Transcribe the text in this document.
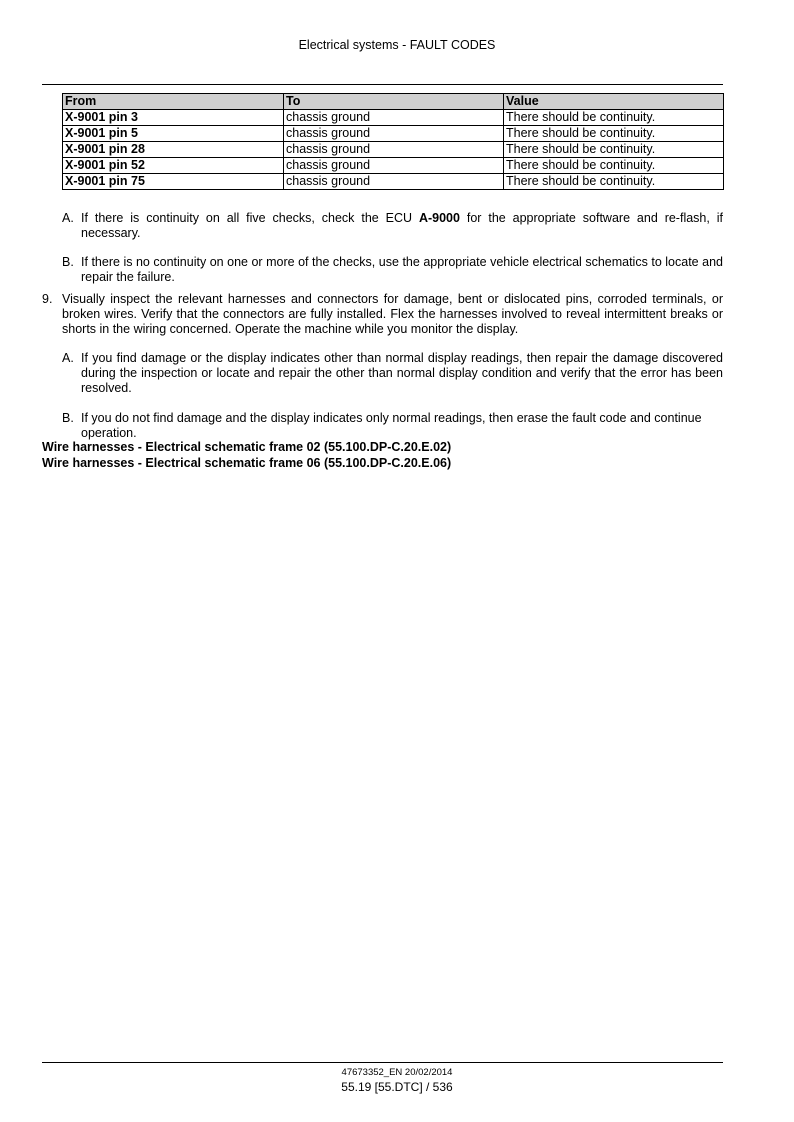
Electrical systems - FAULT CODES
From	To	Value
X-9001 pin 3	chassis ground	There should be continuity.
X-9001 pin 5	chassis ground	There should be continuity.
X-9001 pin 28	chassis ground	There should be continuity.
X-9001 pin 52	chassis ground	There should be continuity.
X-9001 pin 75	chassis ground	There should be continuity.
A. If there is continuity on all five checks, check the ECU A-9000 for the appropriate software and re-flash, if necessary.
B. If there is no continuity on one or more of the checks, use the appropriate vehicle electrical schematics to locate and repair the failure.
9. Visually inspect the relevant harnesses and connectors for damage, bent or dislocated pins, corroded terminals, or broken wires. Verify that the connectors are fully installed. Flex the harnesses involved to reveal intermittent breaks or shorts in the wiring concerned. Operate the machine while you monitor the display.
A. If you find damage or the display indicates other than normal display readings, then repair the damage discovered during the inspection or locate and repair the other than normal display condition and verify that the error has been resolved.
B. If you do not find damage and the display indicates only normal readings, then erase the fault code and continue operation.
Wire harnesses - Electrical schematic frame 02 (55.100.DP-C.20.E.02)
Wire harnesses - Electrical schematic frame 06 (55.100.DP-C.20.E.06)
47673352_EN 20/02/2014
55.19 [55.DTC] / 536
